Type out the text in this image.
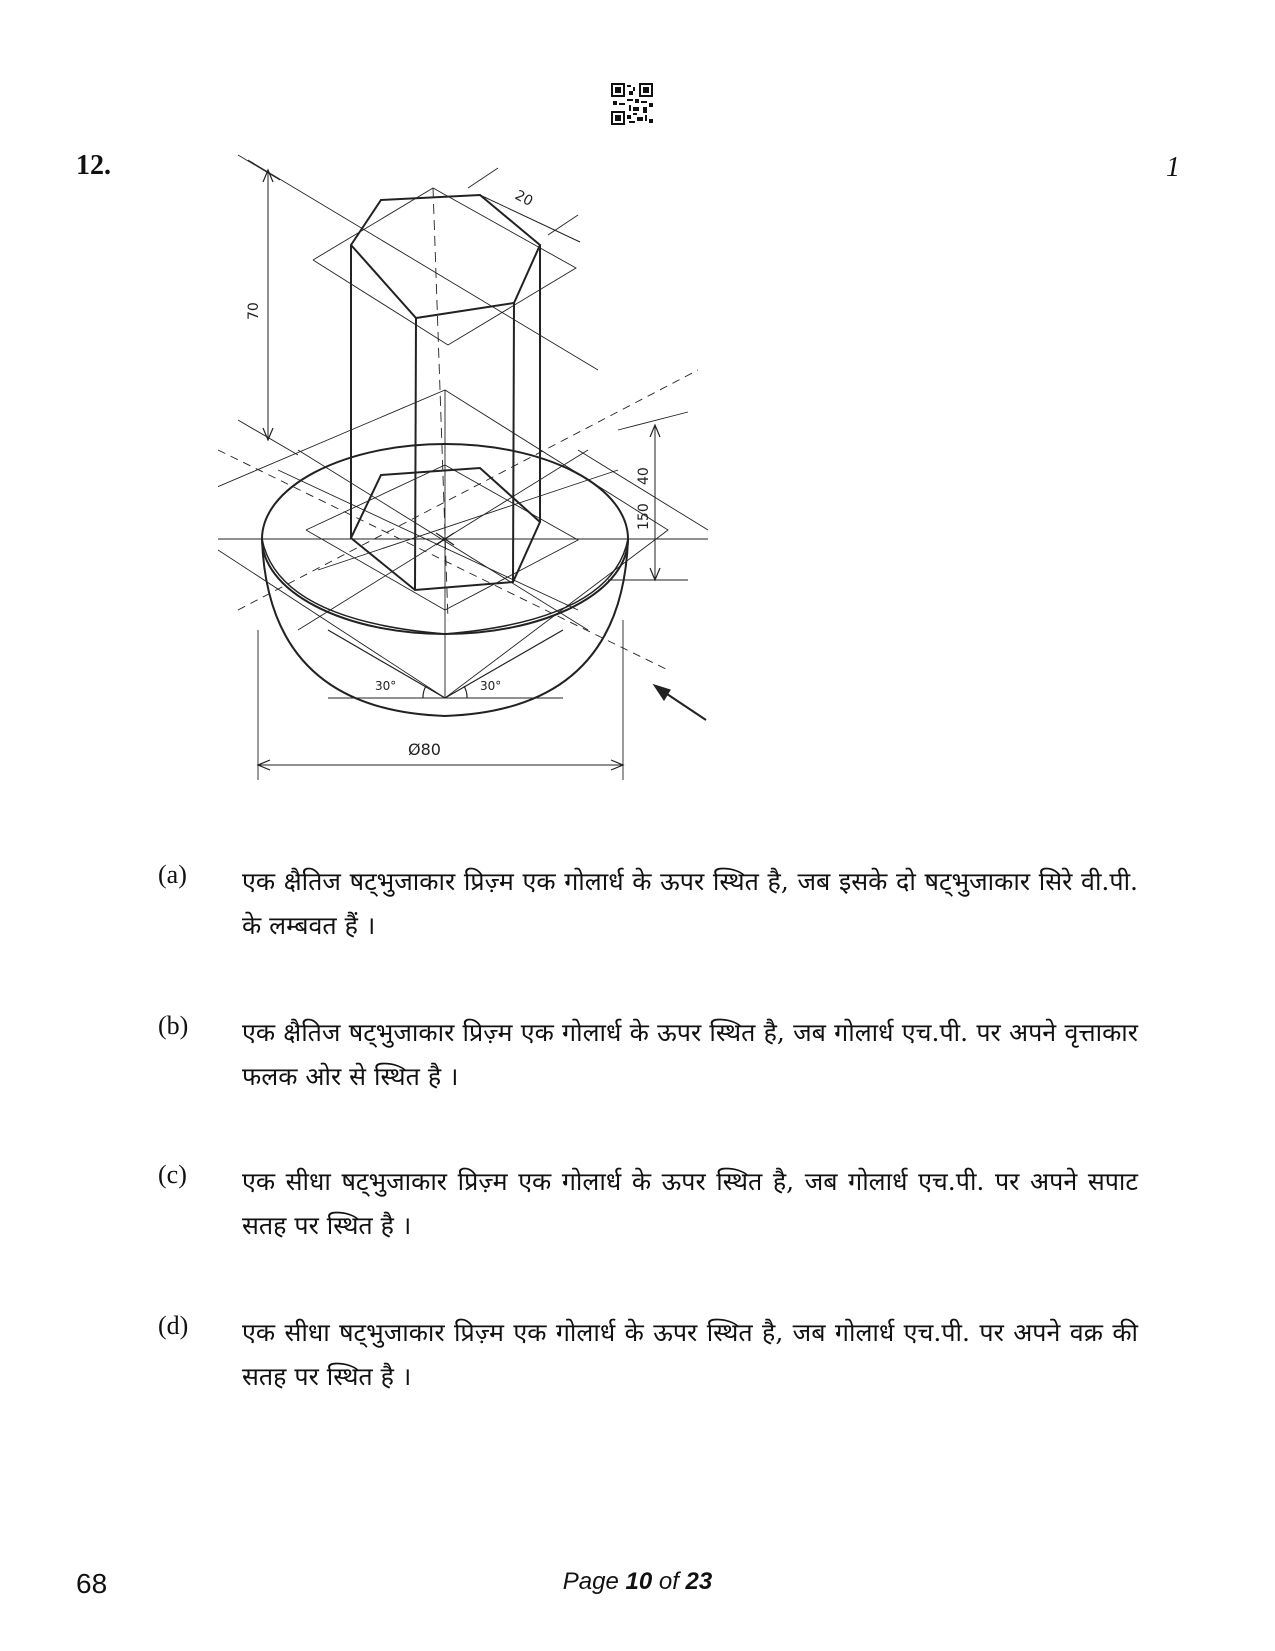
12.	1
70
20
150
40
30°	30°
Ø80
(a) एक क्षैतिज षट्भुजाकार प्रिज़्म एक गोलार्ध के ऊपर स्थित है, जब इसके दो षट्भुजाकार सिरे वी.पी. के लम्बवत हैं ।
(b) एक क्षैतिज षट्भुजाकार प्रिज़्म एक गोलार्ध के ऊपर स्थित है, जब गोलार्ध एच.पी. पर अपने वृत्ताकार फलक ओर से स्थित है ।
(c) एक सीधा षट्भुजाकार प्रिज़्म एक गोलार्ध के ऊपर स्थित है, जब गोलार्ध एच.पी. पर अपने सपाट सतह पर स्थित है ।
(d) एक सीधा षट्भुजाकार प्रिज़्म एक गोलार्ध के ऊपर स्थित है, जब गोलार्ध एच.पी. पर अपने वक्र की सतह पर स्थित है ।
68	Page 10 of 23
